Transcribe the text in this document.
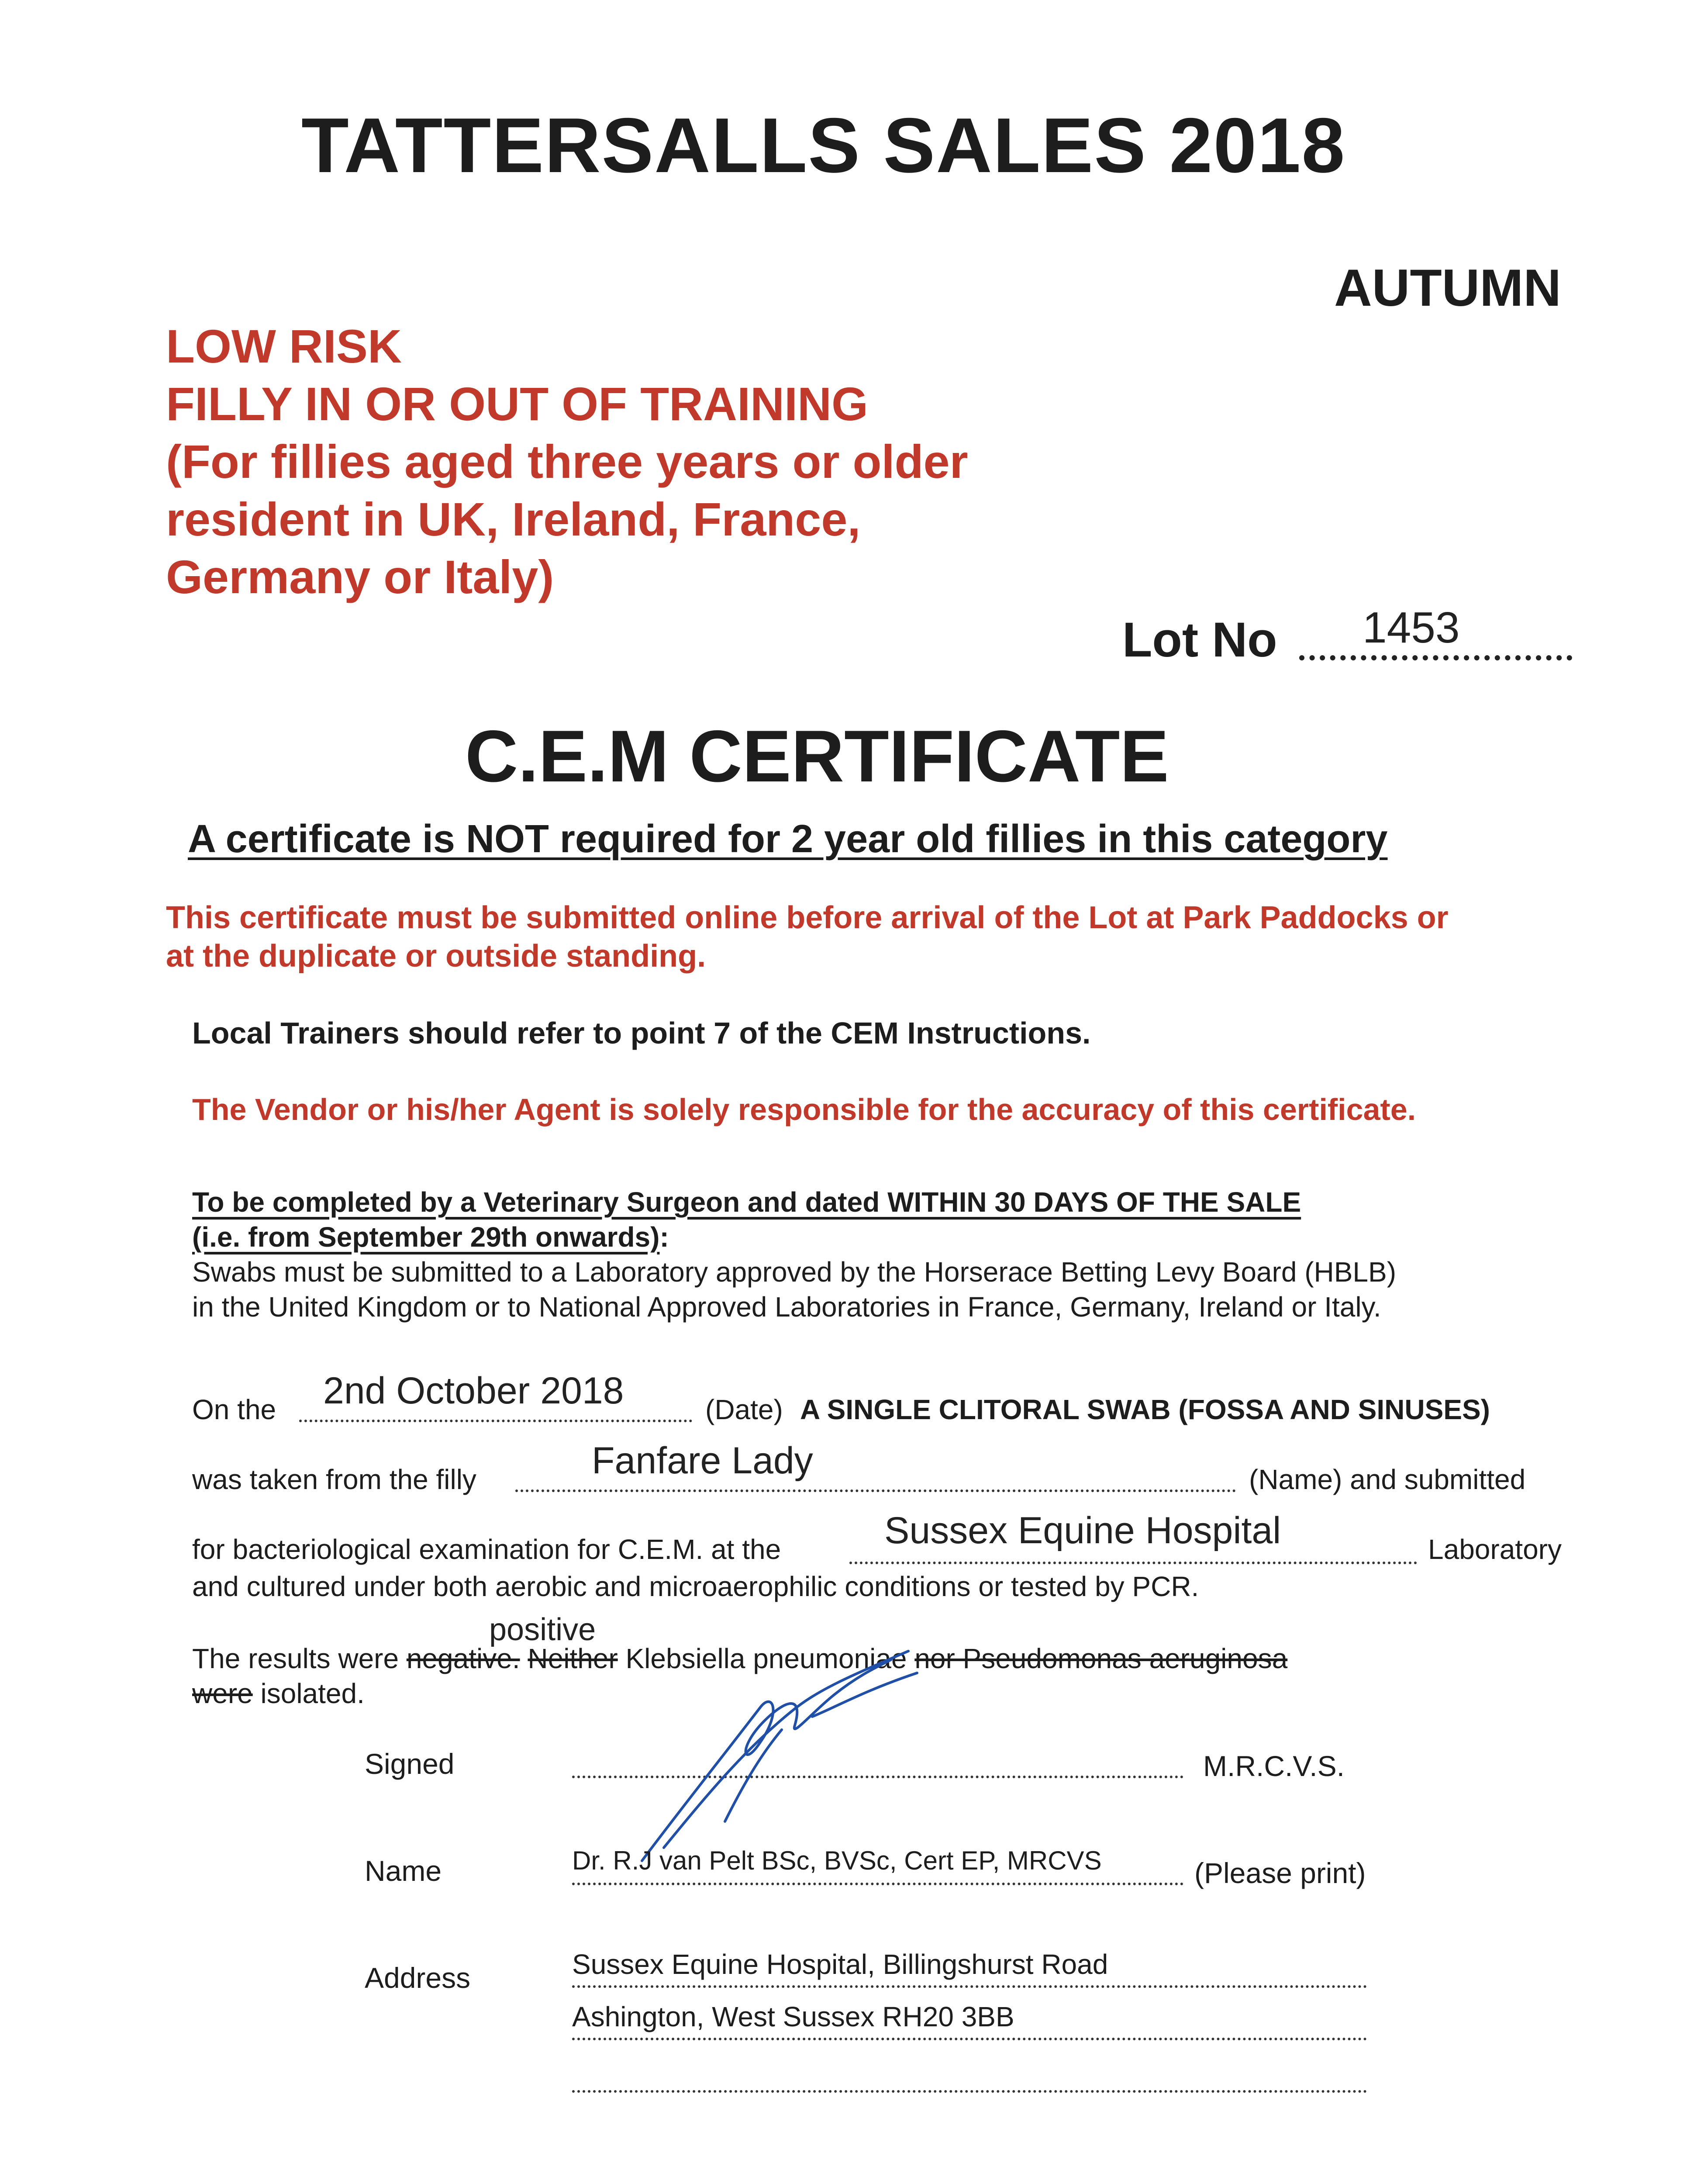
TATTERSALLS SALES 2018
AUTUMN
LOW RISK
FILLY IN OR OUT OF TRAINING
(For fillies aged three years or older
resident in UK, Ireland, France,
Germany or Italy)
Lot No 1453
C.E.M CERTIFICATE
A certificate is NOT required for 2 year old fillies in this category
This certificate must be submitted online before arrival of the Lot at Park Paddocks or
at the duplicate or outside standing.
Local Trainers should refer to point 7 of the CEM Instructions.
The Vendor or his/her Agent is solely responsible for the accuracy of this certificate.
To be completed by a Veterinary Surgeon and dated WITHIN 30 DAYS OF THE SALE
(i.e. from September 29th onwards):
Swabs must be submitted to a Laboratory approved by the Horserace Betting Levy Board (HBLB)
in the United Kingdom or to National Approved Laboratories in France, Germany, Ireland or Italy.
On the 2nd October 2018	(Date) A SINGLE CLITORAL SWAB (FOSSA AND SINUSES)
was taken from the filly	Fanfare Lady	(Name) and submitted
for bacteriological examination for C.E.M. at the	Sussex Equine Hospital	Laboratory
and cultured under both aerobic and microaerophilic conditions or tested by PCR.
positive
The results were negative. Neither Klebsiella pneumoniae nor Pseudomonas aeruginosa
were isolated.
Signed	M.R.C.V.S.
Name	Dr. R.J van Pelt BSc, BVSc, Cert EP, MRCVS	(Please print)
Address	Sussex Equine Hospital, Billingshurst Road
Ashington, West Sussex RH20 3BB
